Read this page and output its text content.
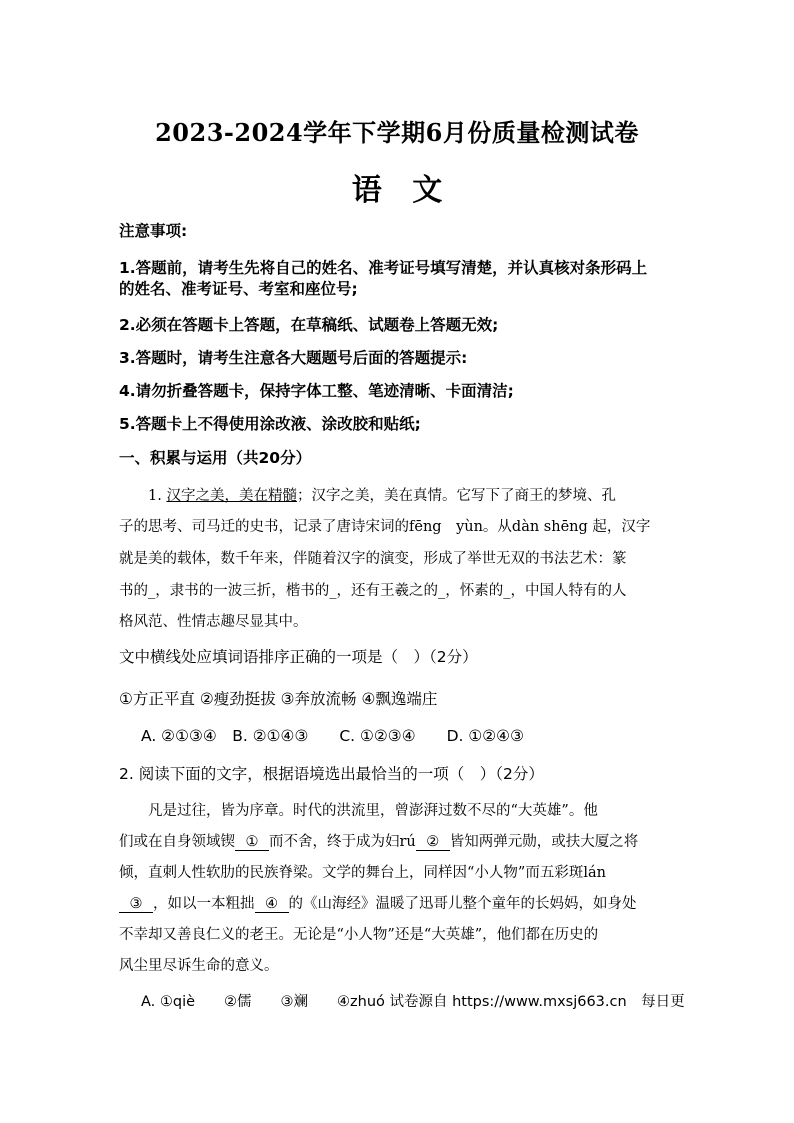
2023-2024学年下学期6月份质量检测试卷
语 文
注意事项:
1.答题前，请考生先将自己的姓名、准考证号填写清楚，并认真核对条形码上
的姓名、准考证号、考室和座位号;
2.必须在答题卡上答题，在草稿纸、试题卷上答题无效;
3.答题时，请考生注意各大题题号后面的答题提示:
4.请勿折叠答题卡，保持字体工整、笔迹清晰、卡面清洁;
5.答题卡上不得使用涂改液、涂改胶和贴纸;
一、积累与运用（共20分）
1. 汉字之美，美在精髓；汉字之美，美在真情。它写下了商王的梦境、孔
子的思考、司马迁的史书，记录了唐诗宋词的fēng　yùn。从dàn shēng 起，汉字
就是美的载体，数千年来，伴随着汉字的演变，形成了举世无双的书法艺术：篆
书的_，隶书的一波三折，楷书的_，还有王羲之的_，怀素的_，中国人特有的人
格风范、性情志趣尽显其中。
文中横线处应填词语排序正确的一项是（　）（2分）
①方正平直 ②瘦劲挺拔 ③奔放流畅 ④飘逸端庄
A. ②①③④　B. ②①④③　　C. ①②③④　　D. ①②④③
2. 阅读下面的文字，根据语境选出最恰当的一项（　）（2分）
凡是过往，皆为序章。时代的洪流里，曾澎湃过数不尽的“大英雄”。他
们或在自身领域锲 ① 而不舍，终于成为妇rú ② 皆知两弹元勋，或扶大厦之将
倾，直刺人性软肋的民族脊梁。文学的舞台上，同样因“小人物”而五彩斑lán
③ ，如以一本粗拙 ④ 的《山海经》温暖了迅哥儿整个童年的长妈妈，如身处
不幸却又善良仁义的老王。无论是“小人物”还是“大英雄”，他们都在历史的
风尘里尽诉生命的意义。
A. ①qiè　　②儒　　③斓　　④zhuó 试卷源自 https://www.mxsj663.cn　每日更
